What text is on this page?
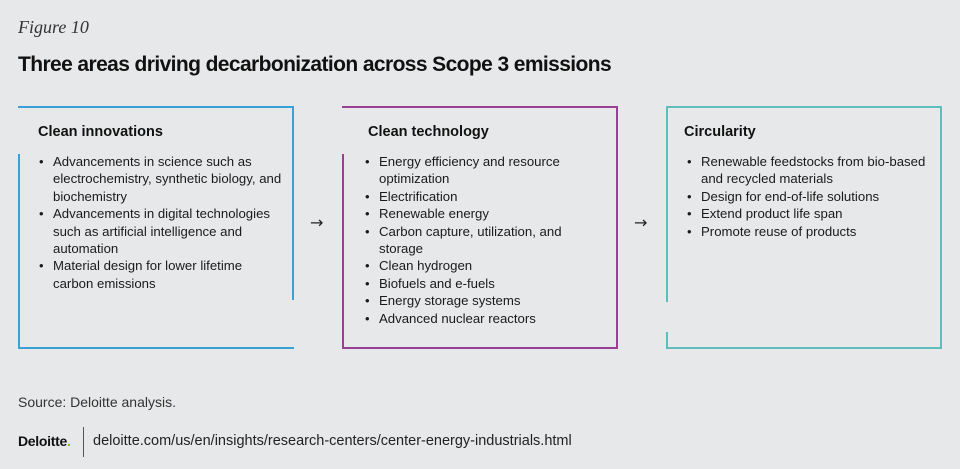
Figure 10
Three areas driving decarbonization across Scope 3 emissions
Clean innovations
• Advancements in science such as electrochemistry, synthetic biology, and biochemistry
• Advancements in digital technologies such as artificial intelligence and automation
• Material design for lower lifetime carbon emissions
→
Clean technology
• Energy efficiency and resource optimization
• Electrification
• Renewable energy
• Carbon capture, utilization, and storage
• Clean hydrogen
• Biofuels and e-fuels
• Energy storage systems
• Advanced nuclear reactors
→
Circularity
• Renewable feedstocks from bio-based and recycled materials
• Design for end-of-life solutions
• Extend product life span
• Promote reuse of products
Source: Deloitte analysis.
Deloitte. deloitte.com/us/en/insights/research-centers/center-energy-industrials.html
